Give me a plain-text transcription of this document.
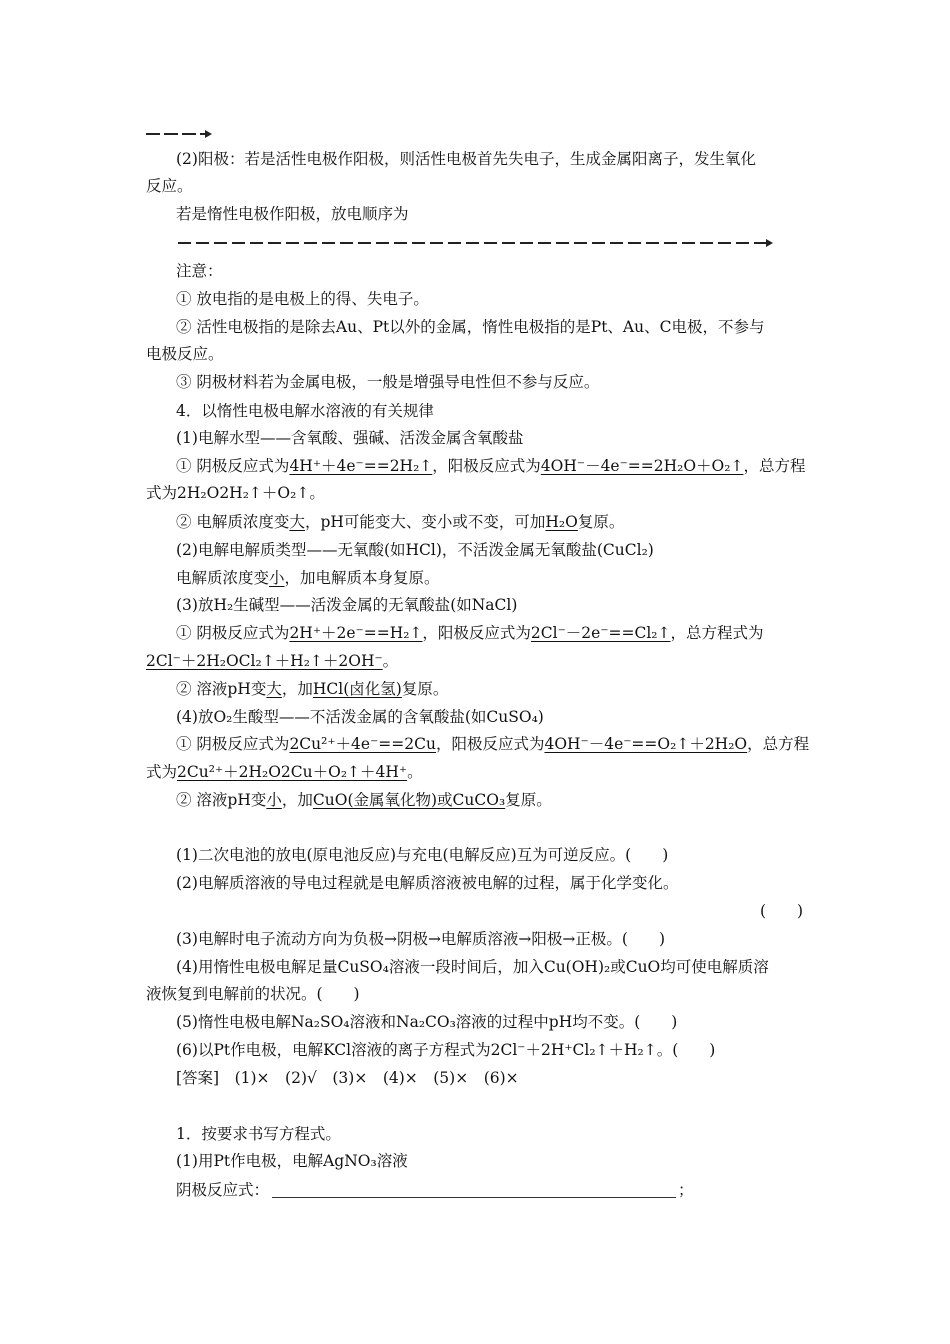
(2)阳极：若是活性电极作阳极，则活性电极首先失电子，生成金属阳离子，发生氧化
反应。
若是惰性电极作阳极，放电顺序为
注意：
① 放电指的是电极上的得、失电子。
② 活性电极指的是除去Au、Pt以外的金属，惰性电极指的是Pt、Au、C电极，不参与
电极反应。
③ 阴极材料若为金属电极，一般是增强导电性但不参与反应。
4．以惰性电极电解水溶液的有关规律
(1)电解水型——含氧酸、强碱、活泼金属含氧酸盐
① 阴极反应式为4H⁺＋4e⁻==2H₂↑，阳极反应式为4OH⁻－4e⁻==2H₂O＋O₂↑，总方程
式为2H₂O2H₂↑＋O₂↑。
② 电解质浓度变大，pH可能变大、变小或不变，可加H₂O复原。
(2)电解电解质类型——无氧酸(如HCl)，不活泼金属无氧酸盐(CuCl₂)
电解质浓度变小，加电解质本身复原。
(3)放H₂生碱型——活泼金属的无氧酸盐(如NaCl)
① 阴极反应式为2H⁺＋2e⁻==H₂↑，阳极反应式为2Cl⁻－2e⁻==Cl₂↑，总方程式为
2Cl⁻＋2H₂OCl₂↑＋H₂↑＋2OH⁻。
② 溶液pH变大，加HCl(卤化氢)复原。
(4)放O₂生酸型——不活泼金属的含氧酸盐(如CuSO₄)
① 阴极反应式为2Cu²⁺＋4e⁻==2Cu，阳极反应式为4OH⁻－4e⁻==O₂↑＋2H₂O，总方程
式为2Cu²⁺＋2H₂O2Cu＋O₂↑＋4H⁺。
② 溶液pH变小，加CuO(金属氧化物)或CuCO₃复原。
(1)二次电池的放电(原电池反应)与充电(电解反应)互为可逆反应。(　　)
(2)电解质溶液的导电过程就是电解质溶液被电解的过程，属于化学变化。
(　　)
(3)电解时电子流动方向为负极→阴极→电解质溶液→阳极→正极。(　　)
(4)用惰性电极电解足量CuSO₄溶液一段时间后，加入Cu(OH)₂或CuO均可使电解质溶
液恢复到电解前的状况。(　　)
(5)惰性电极电解Na₂SO₄溶液和Na₂CO₃溶液的过程中pH均不变。(　　)
(6)以Pt作电极，电解KCl溶液的离子方程式为2Cl⁻＋2H⁺Cl₂↑＋H₂↑。(　　)
[答案]　(1)×　(2)√　(3)×　(4)×　(5)×　(6)×
1．按要求书写方程式。
(1)用Pt作电极，电解AgNO₃溶液
阴极反应式：	；
